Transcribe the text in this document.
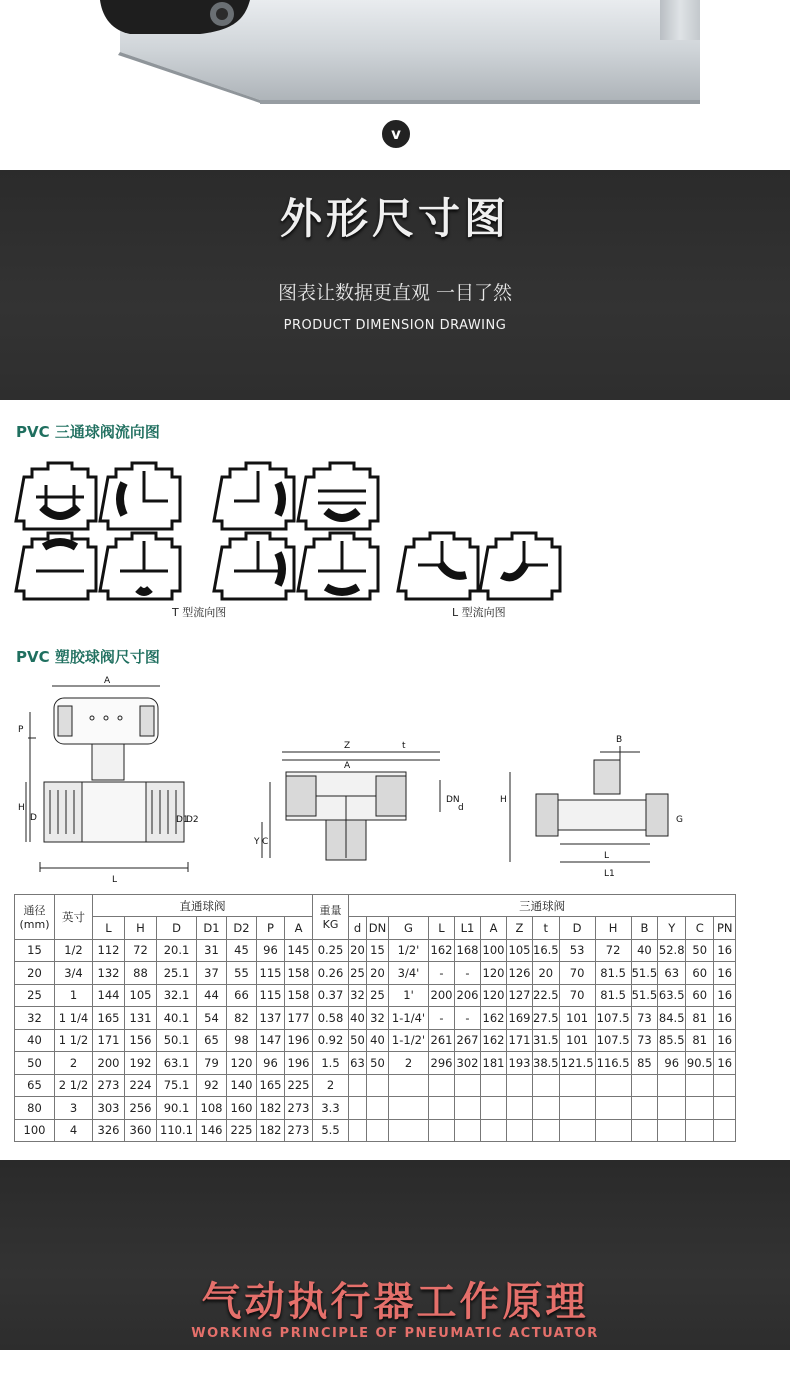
v
外形尺寸图
图表让数据更直观 一目了然
PRODUCT DIMENSION DRAWING
PVC 三通球阀流向图
T 型流向图	L 型流向图
PVC 塑胶球阀尺寸图
A
P
H
D	D1
D2
L
Z	t
A
Y C
DN
d
B
H
G
L
L1
通径
(mm)	英寸	直通球阀							重量
KG	三通球阀													
		L	H	D	D1	D2	P	A		d	DN	G	L	L1	A	Z	t	D	H	B	Y	C	PN
15	1/2	112	72	20.1	31	45	96	145	0.25	20	15	1/2'	162	168	100	105	16.5	53	72	40	52.8	50	16
20	3/4	132	88	25.1	37	55	115	158	0.26	25	20	3/4'	-	-	120	126	20	70	81.5	51.5	63	60	16
25	1	144	105	32.1	44	66	115	158	0.37	32	25	1'	200	206	120	127	22.5	70	81.5	51.5	63.5	60	16
32	1 1/4	165	131	40.1	54	82	137	177	0.58	40	32	1-1/4'	-	-	162	169	27.5	101	107.5	73	84.5	81	16
40	1 1/2	171	156	50.1	65	98	147	196	0.92	50	40	1-1/2'	261	267	162	171	31.5	101	107.5	73	85.5	81	16
50	2	200	192	63.1	79	120	96	196	1.5	63	50	2	296	302	181	193	38.5	121.5	116.5	85	96	90.5	16
65	2 1/2	273	224	75.1	92	140	165	225	2														
80	3	303	256	90.1	108	160	182	273	3.3														
100	4	326	360	110.1	146	225	182	273	5.5														
气动执行器工作原理
WORKING PRINCIPLE OF PNEUMATIC ACTUATOR
